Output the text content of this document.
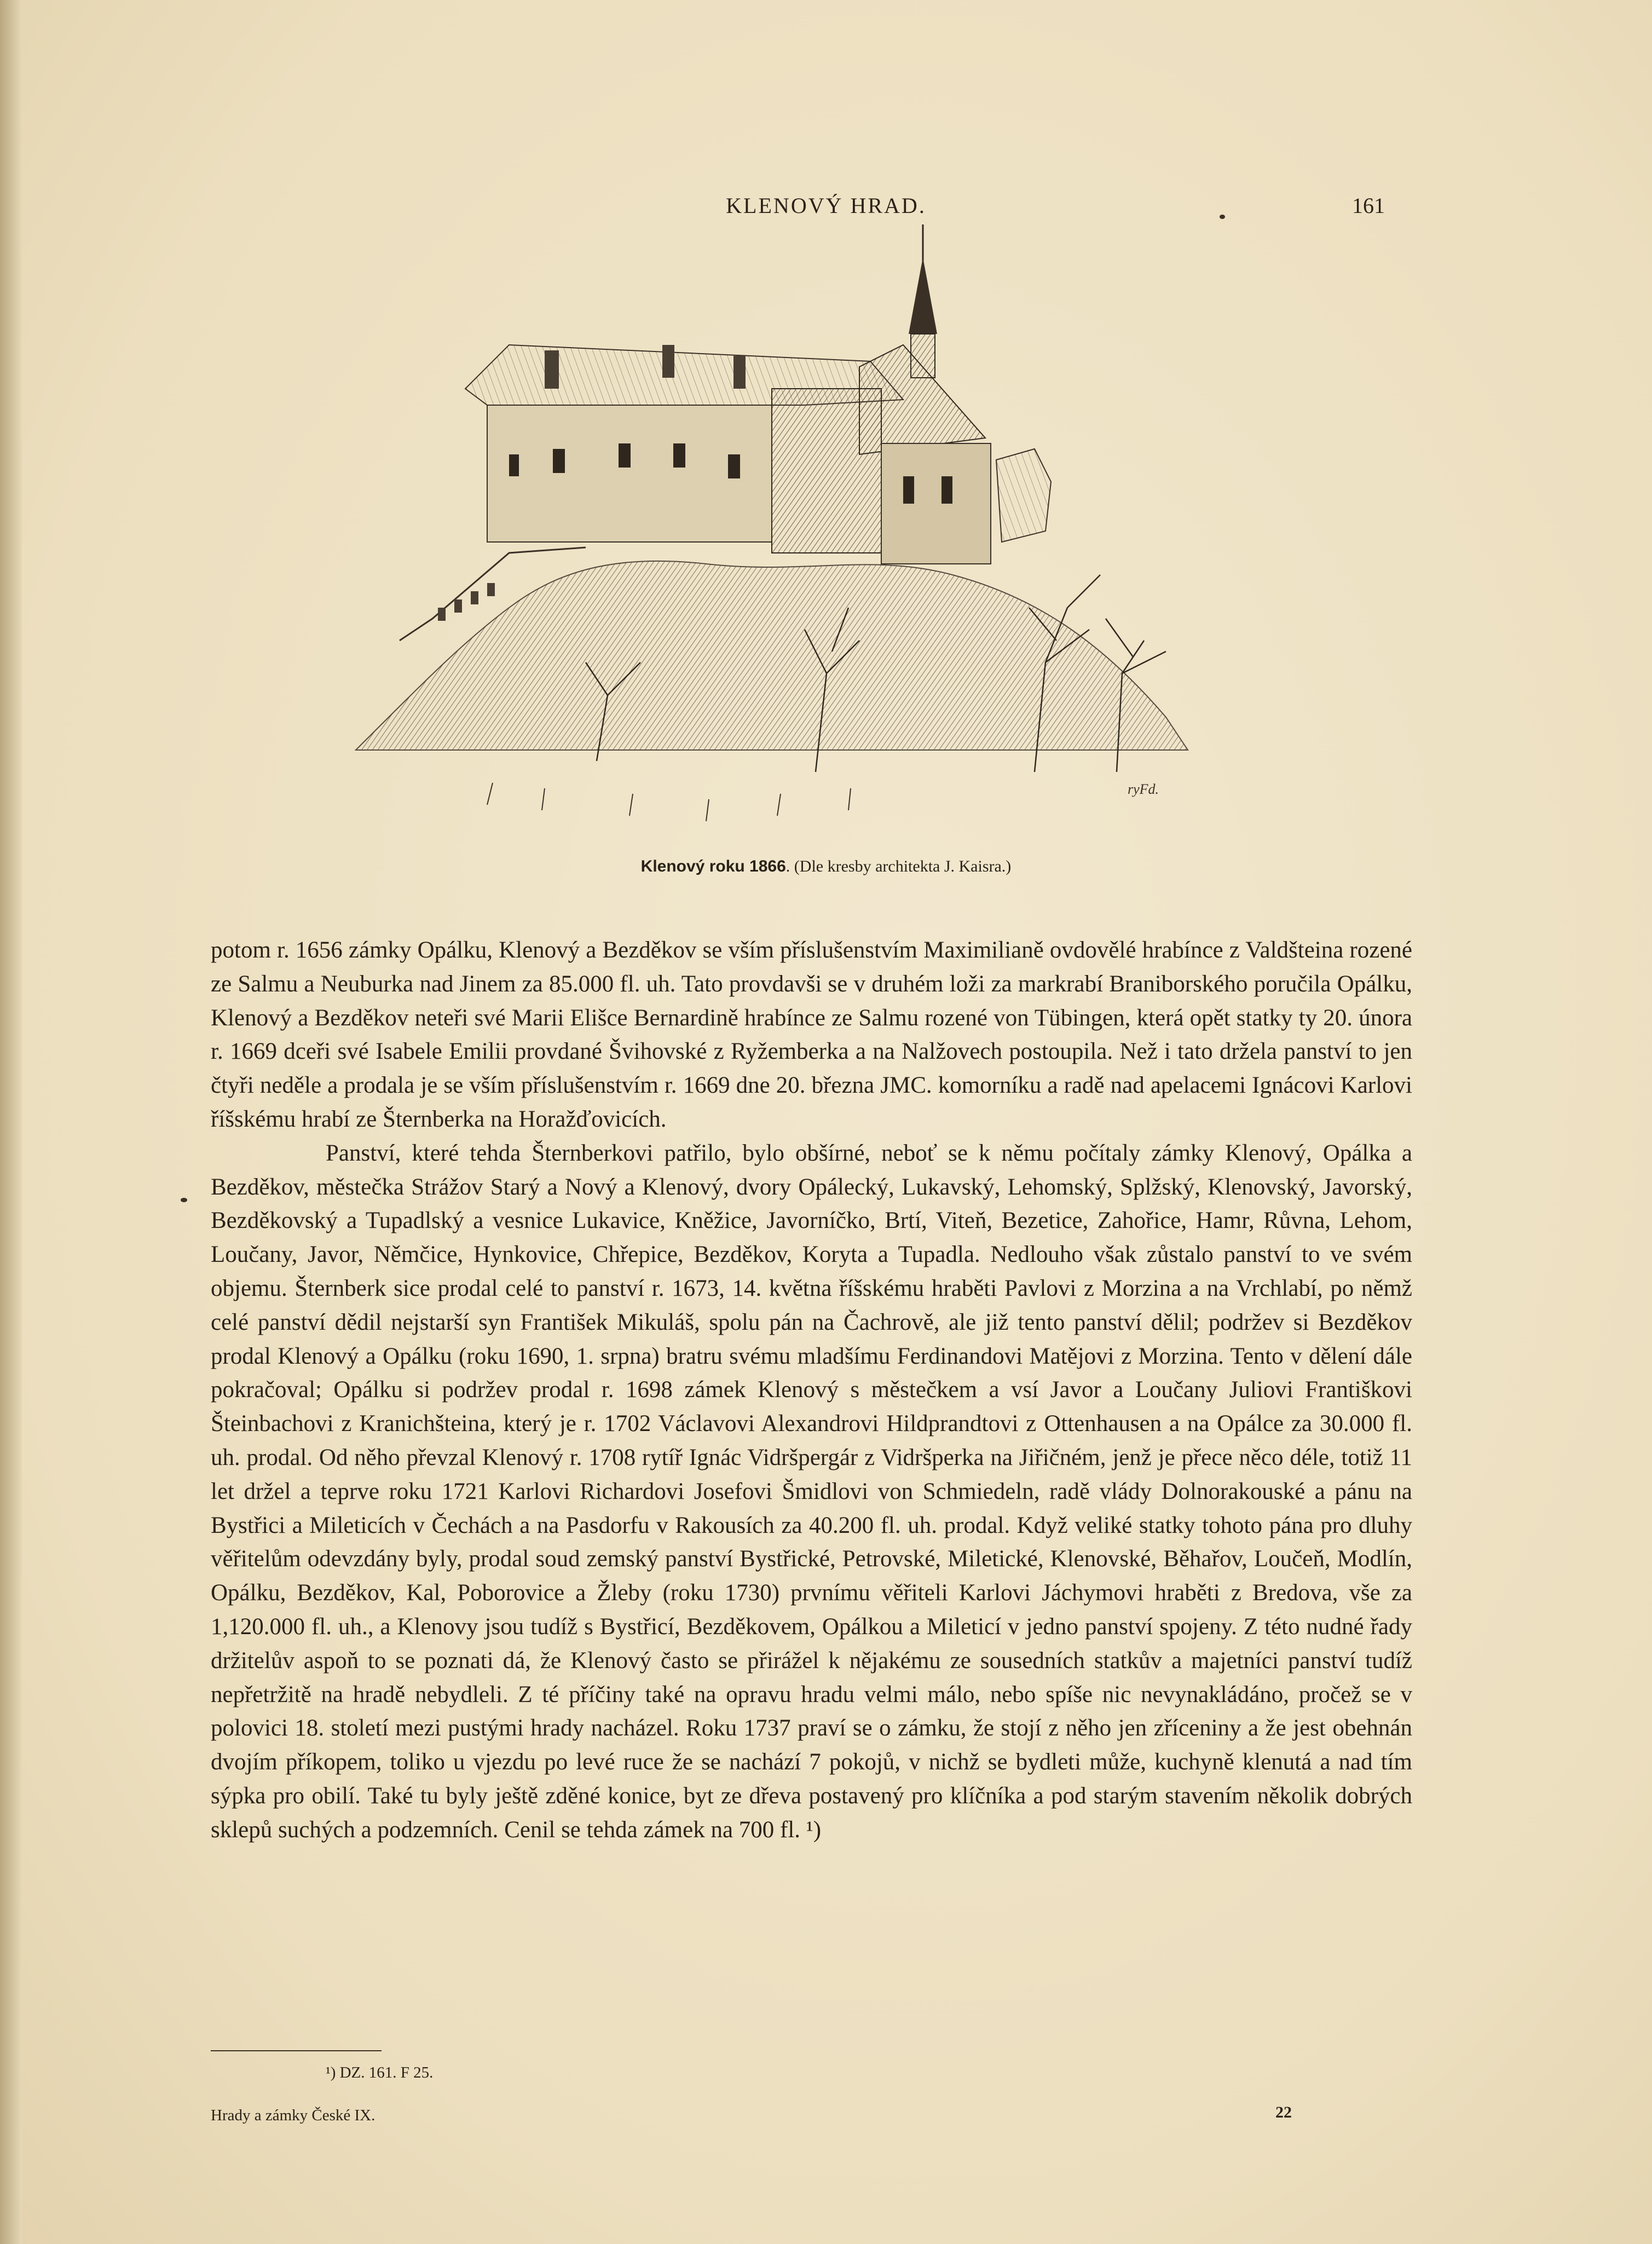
KLENOVÝ HRAD.	161
ryFd.
Klenový roku 1866. (Dle kresby architekta J. Kaisra.)

potom r. 1656 zámky Opálku, Klenový a Bezděkov se vším příslušenstvím Maximilianě ovdovělé hrabínce z Valdšteina rozené ze Salmu a Neuburka nad Jinem za 85.000 fl. uh. Tato provdavši se v druhém loži za markrabí Braniborského poručila Opálku, Klenový a Bezděkov neteři své Marii Elišce Bernardině hrabínce ze Salmu rozené von Tübingen, která opět statky ty 20. února r. 1669 dceři své Isabele Emilii provdané Švihovské z Ryžemberka a na Nalžovech postoupila. Než i tato držela panství to jen čtyři neděle a prodala je se vším příslušenstvím r. 1669 dne 20. března JMC. komorníku a radě nad apelacemi Ignácovi Karlovi říšskému hrabí ze Šternberka na Horažďovicích.

Panství, které tehda Šternberkovi patřilo, bylo obšírné, neboť se k němu počítaly zámky Klenový, Opálka a Bezděkov, městečka Strážov Starý a Nový a Klenový, dvory Opálecký, Lukavský, Lehomský, Splžský, Klenovský, Javorský, Bezděkovský a Tupadlský a vesnice Lukavice, Kněžice, Javorníčko, Brtí, Viteň, Bezetice, Zahořice, Hamr, Růvna, Lehom, Loučany, Javor, Němčice, Hynkovice, Chřepice, Bezděkov, Koryta a Tupadla. Nedlouho však zůstalo panství to ve svém objemu. Šternberk sice prodal celé to panství r. 1673, 14. května říšskému hraběti Pavlovi z Morzina a na Vrchlabí, po němž celé panství dědil nejstarší syn František Mikuláš, spolu pán na Čachrově, ale již tento panství dělil; podržev si Bezděkov prodal Klenový a Opálku (roku 1690, 1. srpna) bratru svému mladšímu Ferdinandovi Matějovi z Morzina. Tento v dělení dále pokračoval; Opálku si podržev prodal r. 1698 zámek Klenový s městečkem a vsí Javor a Loučany Juliovi Františkovi Šteinbachovi z Kranichšteina, který je r. 1702 Václavovi Alexandrovi Hildprandtovi z Ottenhausen a na Opálce za 30.000 fl. uh. prodal. Od něho převzal Klenový r. 1708 rytíř Ignác Vidršpergár z Vidršperka na Jiřičném, jenž je přece něco déle, totiž 11 let držel a teprve roku 1721 Karlovi Richardovi Josefovi Šmidlovi von Schmiedeln, radě vlády Dolnorakouské a pánu na Bystřici a Mileticích v Čechách a na Pasdorfu v Rakousích za 40.200 fl. uh. prodal. Když veliké statky tohoto pána pro dluhy věřitelům odevzdány byly, prodal soud zemský panství Bystřické, Petrovské, Miletické, Klenovské, Běhařov, Loučeň, Modlín, Opálku, Bezděkov, Kal, Poborovice a Žleby (roku 1730) prvnímu věřiteli Karlovi Jáchymovi hraběti z Bredova, vše za 1,120.000 fl. uh., a Klenovy jsou tudíž s Bystřicí, Bezděkovem, Opálkou a Mileticí v jedno panství spojeny. Z této nudné řady držitelův aspoň to se poznati dá, že Klenový často se přirážel k nějakému ze sousedních statkův a majetníci panství tudíž nepřetržitě na hradě nebydleli. Z té příčiny také na opravu hradu velmi málo, nebo spíše nic nevynakládáno, pročež se v polovici 18. století mezi pustými hrady nacházel. Roku 1737 praví se o zámku, že stojí z něho jen zříceniny a že jest obehnán dvojím příkopem, toliko u vjezdu po levé ruce že se nachází 7 pokojů, v nichž se bydleti může, kuchyně klenutá a nad tím sýpka pro obilí. Také tu byly ještě zděné konice, byt ze dřeva postavený pro klíčníka a pod starým stavením několik dobrých sklepů suchých a podzemních. Cenil se tehda zámek na 700 fl. ¹)

¹) DZ. 161. F 25.
Hrady a zámky České IX.	22
